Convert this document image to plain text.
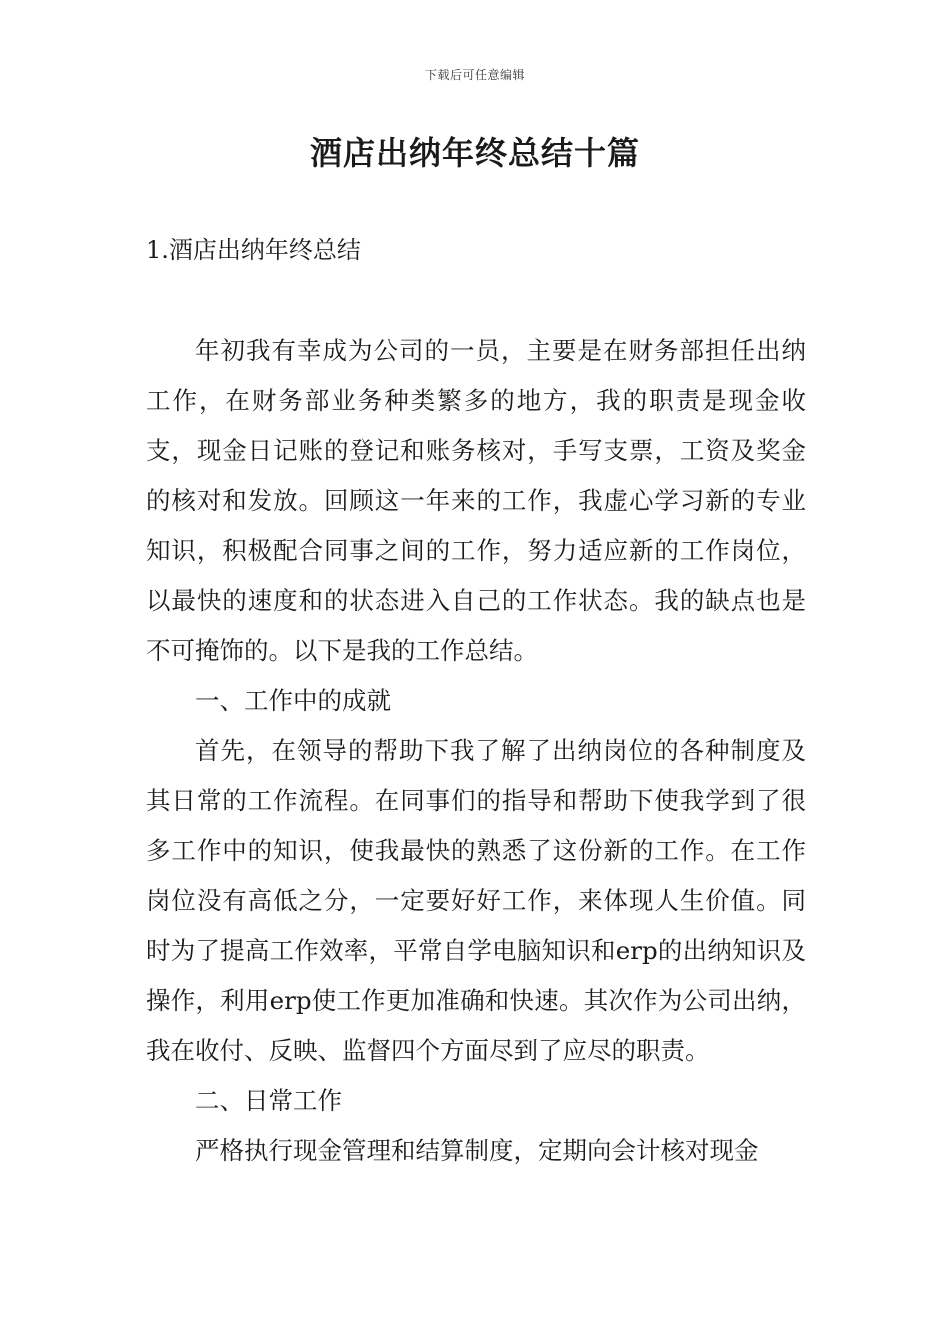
下载后可任意编辑
酒店出纳年终总结十篇
1.酒店出纳年终总结

年初我有幸成为公司的一员，主要是在财务部担任出纳工作，在财务部业务种类繁多的地方，我的职责是现金收支，现金日记账的登记和账务核对，手写支票，工资及奖金的核对和发放。回顾这一年来的工作，我虚心学习新的专业知识，积极配合同事之间的工作，努力适应新的工作岗位，以最快的速度和的状态进入自己的工作状态。我的缺点也是不可掩饰的。以下是我的工作总结。

一、工作中的成就

首先，在领导的帮助下我了解了出纳岗位的各种制度及其日常的工作流程。在同事们的指导和帮助下使我学到了很多工作中的知识，使我最快的熟悉了这份新的工作。在工作岗位没有高低之分，一定要好好工作，来体现人生价值。同时为了提高工作效率，平常自学电脑知识和erp的出纳知识及操作，利用erp使工作更加准确和快速。其次作为公司出纳，我在收付、反映、监督四个方面尽到了应尽的职责。

二、日常工作

严格执行现金管理和结算制度，定期向会计核对现金
